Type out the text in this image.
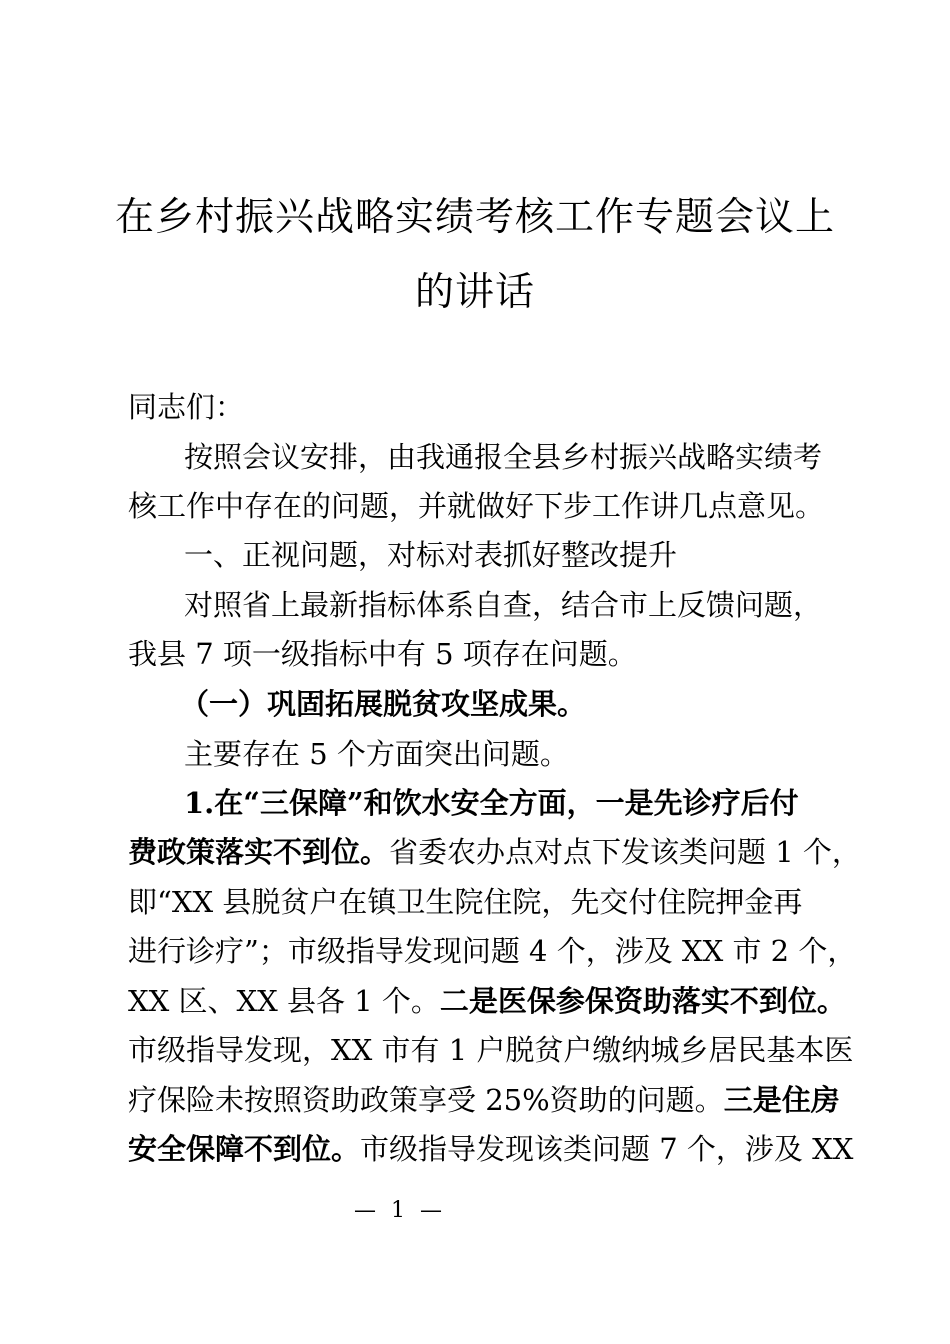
在乡村振兴战略实绩考核工作专题会议上
的讲话
同志们：
按照会议安排，由我通报全县乡村振兴战略实绩考
核工作中存在的问题，并就做好下步工作讲几点意见。
一、正视问题，对标对表抓好整改提升
对照省上最新指标体系自查，结合市上反馈问题，
我县 7 项一级指标中有 5 项存在问题。
（一）巩固拓展脱贫攻坚成果。
主要存在 5 个方面突出问题。
1.在“三保障”和饮水安全方面，一是先诊疗后付
费政策落实不到位。省委农办点对点下发该类问题 1 个，
即“XX 县脱贫户在镇卫生院住院，先交付住院押金再
进行诊疗”；市级指导发现问题 4 个，涉及 XX 市 2 个，
XX 区、XX 县各 1 个。二是医保参保资助落实不到位。
市级指导发现，XX 市有 1 户脱贫户缴纳城乡居民基本医
疗保险未按照资助政策享受 25%资助的问题。三是住房
安全保障不到位。市级指导发现该类问题 7 个，涉及 XX
— 1 —
